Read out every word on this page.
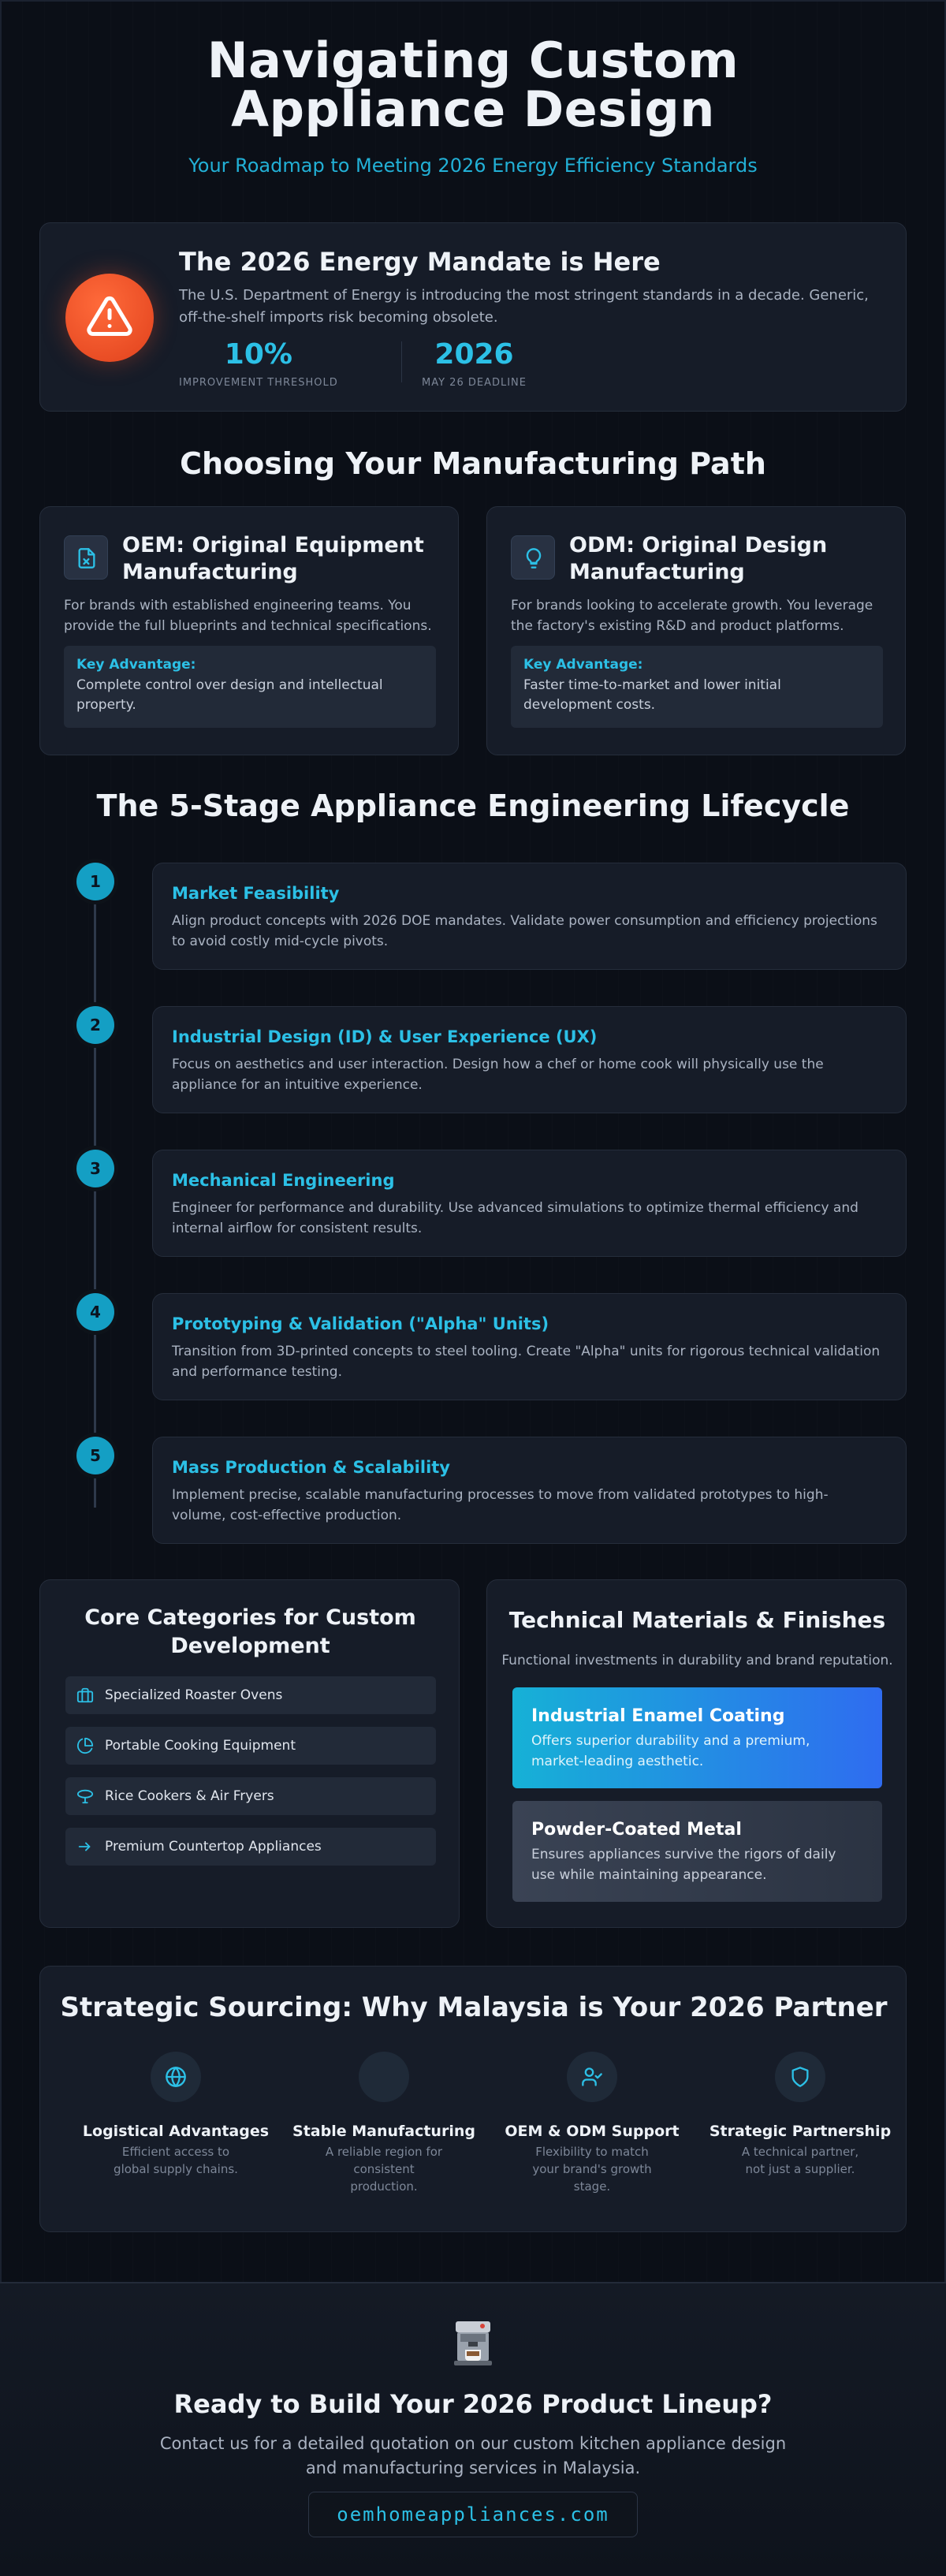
Navigating Custom Appliance Design
Your Roadmap to Meeting 2026 Energy Efficiency Standards
The 2026 Energy Mandate is Here

The U.S. Department of Energy is introducing the most stringent standards in a decade. Generic, off-the-shelf imports risk becoming obsolete.

10%
IMPROVEMENT THRESHOLD
2026
MAY 26 DEADLINE
Choosing Your Manufacturing Path
OEM: Original Equipment Manufacturing
For brands with established engineering teams. You provide the full blueprints and technical specifications.
Key Advantage:
Complete control over design and intellectual property.
ODM: Original Design Manufacturing
For brands looking to accelerate growth. You leverage the factory's existing R&D and product platforms.
Key Advantage:
Faster time-to-market and lower initial development costs.
The 5-Stage Appliance Engineering Lifecycle
1
Market Feasibility

Align product concepts with 2026 DOE mandates. Validate power consumption and efficiency projections to avoid costly mid-cycle pivots.

2
Industrial Design (ID) & User Experience (UX)

Focus on aesthetics and user interaction. Design how a chef or home cook will physically use the appliance for an intuitive experience.

3
Mechanical Engineering

Engineer for performance and durability. Use advanced simulations to optimize thermal efficiency and internal airflow for consistent results.

4
Prototyping & Validation ("Alpha" Units)

Transition from 3D-printed concepts to steel tooling. Create "Alpha" units for rigorous technical validation and performance testing.

5
Mass Production & Scalability

Implement precise, scalable manufacturing processes to move from validated prototypes to high-volume, cost-effective production.

Core Categories for Custom Development
Specialized Roaster Ovens
Portable Cooking Equipment
Rice Cookers & Air Fryers
Premium Countertop Appliances
Technical Materials & Finishes
Functional investments in durability and brand reputation.
Industrial Enamel Coating
Offers superior durability and a premium, market-leading aesthetic.
Powder-Coated Metal
Ensures appliances survive the rigors of daily use while maintaining appearance.
Strategic Sourcing: Why Malaysia is Your 2026 Partner
Logistical Advantages
Efficient access to global supply chains.
Stable Manufacturing
A reliable region for consistent production.
OEM & ODM Support
Flexibility to match your brand's growth stage.
Strategic Partnership
A technical partner, not just a supplier.
Ready to Build Your 2026 Product Lineup?

Contact us for a detailed quotation on our custom kitchen appliance design and manufacturing services in Malaysia.

oemhomeappliances.com
